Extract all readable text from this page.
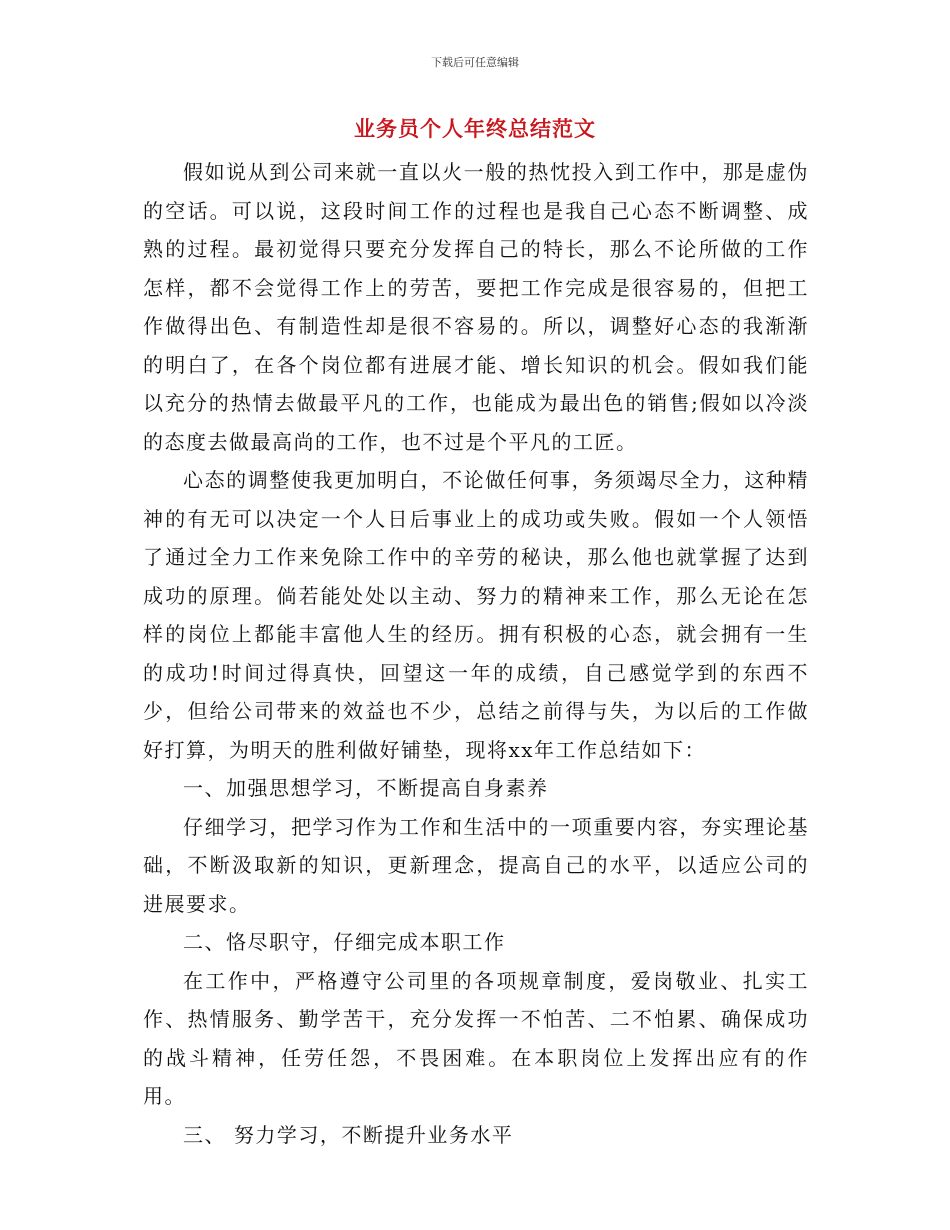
下载后可任意编辑
业务员个人年终总结范文

假如说从到公司来就一直以火一般的热忱投入到工作中，那是虚伪的空话。可以说，这段时间工作的过程也是我自己心态不断调整、成熟的过程。最初觉得只要充分发挥自己的特长，那么不论所做的工作怎样，都不会觉得工作上的劳苦，要把工作完成是很容易的，但把工作做得出色、有制造性却是很不容易的。所以，调整好心态的我渐渐的明白了，在各个岗位都有进展才能、增长知识的机会。假如我们能以充分的热情去做最平凡的工作，也能成为最出色的销售;假如以冷淡的态度去做最高尚的工作，也不过是个平凡的工匠。

心态的调整使我更加明白，不论做任何事，务须竭尽全力，这种精神的有无可以决定一个人日后事业上的成功或失败。假如一个人领悟了通过全力工作来免除工作中的辛劳的秘诀，那么他也就掌握了达到成功的原理。倘若能处处以主动、努力的精神来工作，那么无论在怎样的岗位上都能丰富他人生的经历。拥有积极的心态，就会拥有一生的成功!时间过得真快，回望这一年的成绩，自己感觉学到的东西不少，但给公司带来的效益也不少，总结之前得与失，为以后的工作做好打算，为明天的胜利做好铺垫，现将xx年工作总结如下：

一、加强思想学习，不断提高自身素养

仔细学习，把学习作为工作和生活中的一项重要内容，夯实理论基础，不断汲取新的知识，更新理念，提高自己的水平，以适应公司的进展要求。

二、恪尽职守，仔细完成本职工作

在工作中，严格遵守公司里的各项规章制度，爱岗敬业、扎实工作、热情服务、勤学苦干，充分发挥一不怕苦、二不怕累、确保成功的战斗精神，任劳任怨，不畏困难。在本职岗位上发挥出应有的作用。

三、 努力学习，不断提升业务水平
